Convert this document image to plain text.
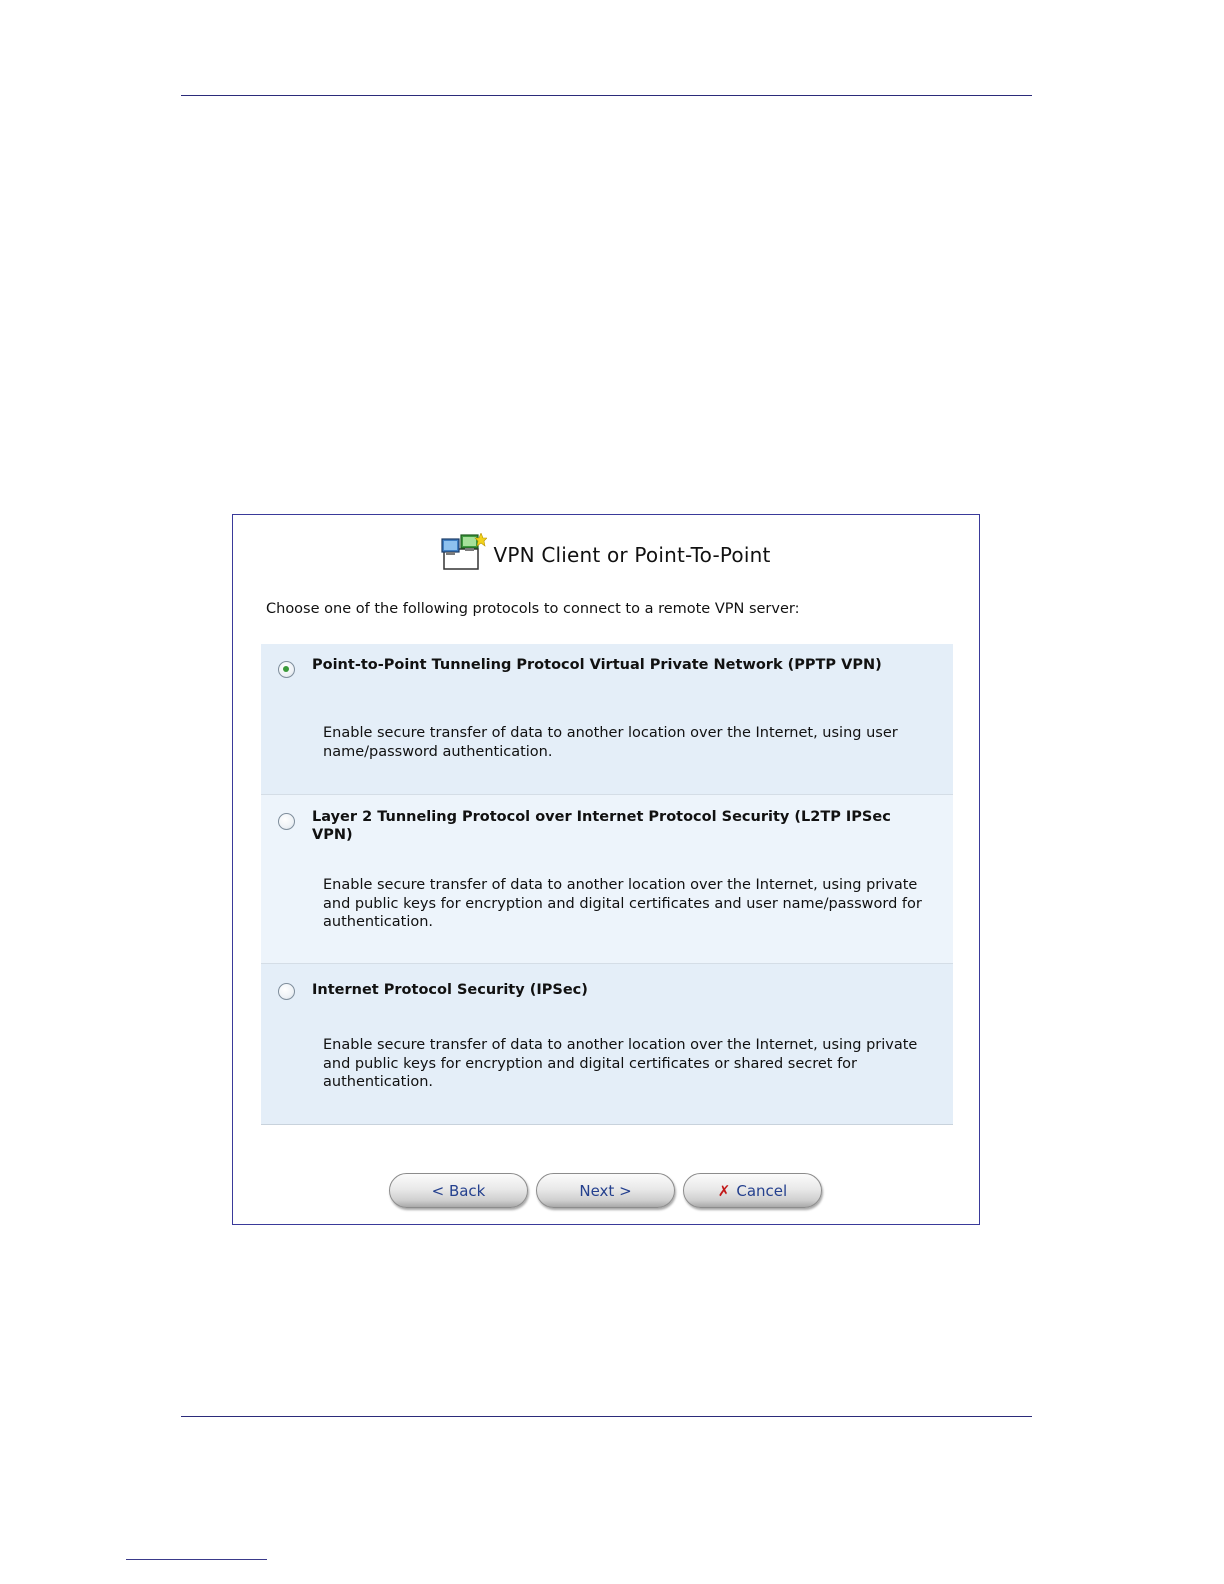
VPN Client or Point-To-Point
Choose one of the following protocols to connect to a remote VPN server:
Point-to-Point Tunneling Protocol Virtual Private Network (PPTP VPN)
Enable secure transfer of data to another location over the Internet, using user name/password authentication.
Layer 2 Tunneling Protocol over Internet Protocol Security (L2TP IPSec VPN)
Enable secure transfer of data to another location over the Internet, using private and public keys for encryption and digital certificates and user name/password for authentication.
Internet Protocol Security (IPSec)
Enable secure transfer of data to another location over the Internet, using private and public keys for encryption and digital certificates or shared secret for authentication.
< Back	Next >	✗ Cancel
